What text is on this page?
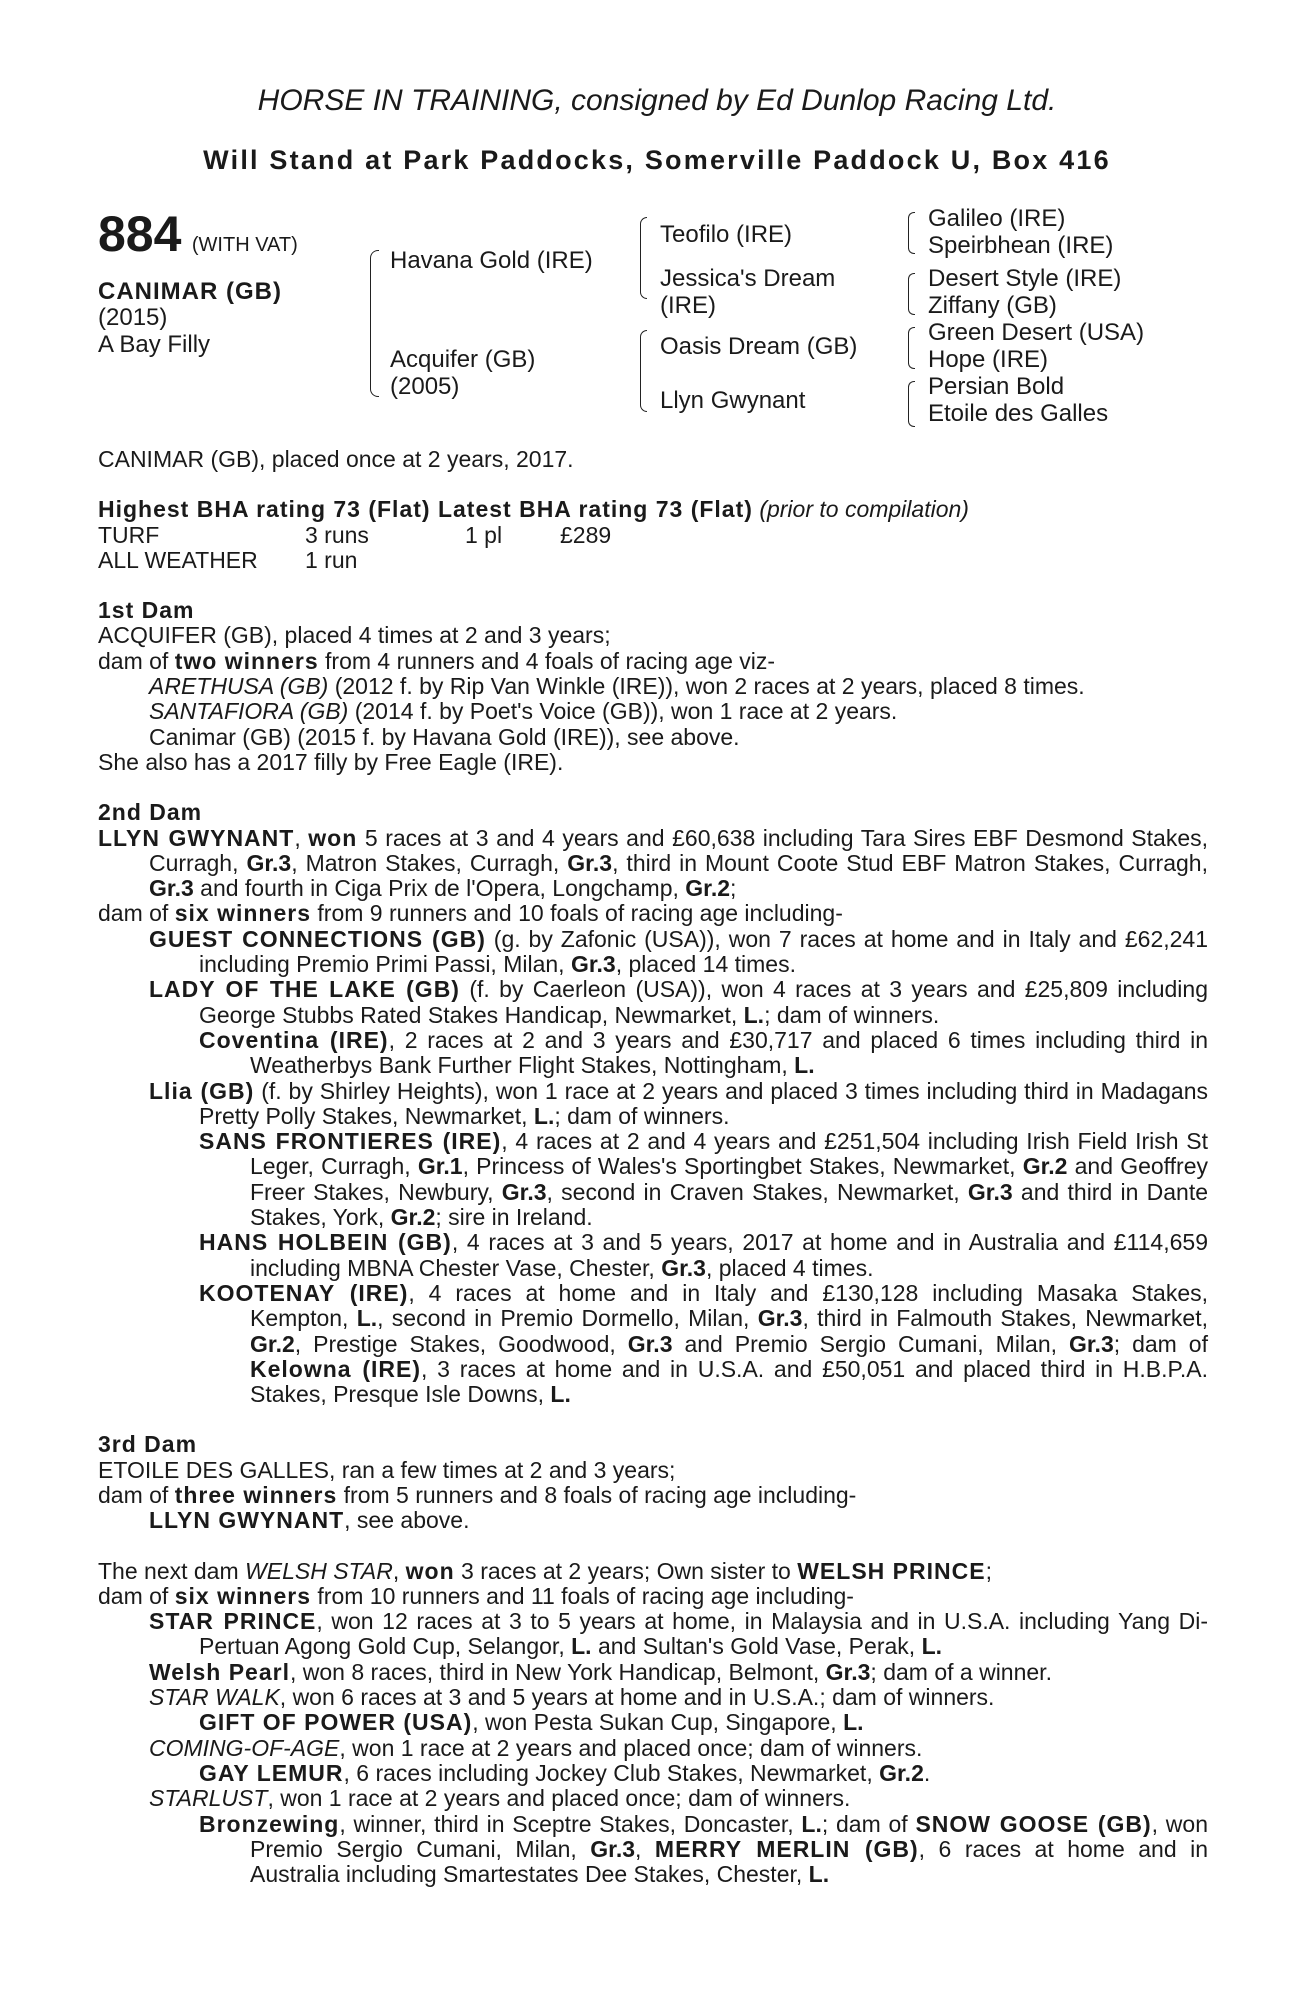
HORSE IN TRAINING, consigned by Ed Dunlop Racing Ltd.
Will Stand at Park Paddocks, Somerville Paddock U, Box 416
884 (WITH VAT)
CANIMAR (GB)
(2015)
A Bay Filly
Havana Gold (IRE)
Acquifer (GB)
(2005)
Teofilo (IRE)
Jessica's Dream
(IRE)
Oasis Dream (GB)
Llyn Gwynant
Galileo (IRE)
Speirbhean (IRE)
Desert Style (IRE)
Ziffany (GB)
Green Desert (USA)
Hope (IRE)
Persian Bold
Etoile des Galles

CANIMAR (GB), placed once at 2 years, 2017.

Highest BHA rating 73 (Flat) Latest BHA rating 73 (Flat) (prior to compilation)

TURF	3 runs	1 pl	£289

ALL WEATHER 1 run

1st Dam

ACQUIFER (GB), placed 4 times at 2 and 3 years;

dam of two winners from 4 runners and 4 foals of racing age viz-

ARETHUSA (GB) (2012 f. by Rip Van Winkle (IRE)), won 2 races at 2 years, placed 8 times.

SANTAFIORA (GB) (2014 f. by Poet's Voice (GB)), won 1 race at 2 years.

Canimar (GB) (2015 f. by Havana Gold (IRE)), see above.

She also has a 2017 filly by Free Eagle (IRE).

2nd Dam

LLYN GWYNANT, won 5 races at 3 and 4 years and £60,638 including Tara Sires EBF Desmond Stakes, Curragh, Gr.3, Matron Stakes, Curragh, Gr.3, third in Mount Coote Stud EBF Matron Stakes, Curragh, Gr.3 and fourth in Ciga Prix de l'Opera, Longchamp, Gr.2;

dam of six winners from 9 runners and 10 foals of racing age including-

GUEST CONNECTIONS (GB) (g. by Zafonic (USA)), won 7 races at home and in Italy and £62,241 including Premio Primi Passi, Milan, Gr.3, placed 14 times.

LADY OF THE LAKE (GB) (f. by Caerleon (USA)), won 4 races at 3 years and £25,809 including George Stubbs Rated Stakes Handicap, Newmarket, L.; dam of winners.

Coventina (IRE), 2 races at 2 and 3 years and £30,717 and placed 6 times including third in Weatherbys Bank Further Flight Stakes, Nottingham, L.

Llia (GB) (f. by Shirley Heights), won 1 race at 2 years and placed 3 times including third in Madagans Pretty Polly Stakes, Newmarket, L.; dam of winners.

SANS FRONTIERES (IRE), 4 races at 2 and 4 years and £251,504 including Irish Field Irish St Leger, Curragh, Gr.1, Princess of Wales's Sportingbet Stakes, Newmarket, Gr.2 and Geoffrey Freer Stakes, Newbury, Gr.3, second in Craven Stakes, Newmarket, Gr.3 and third in Dante Stakes, York, Gr.2; sire in Ireland.

HANS HOLBEIN (GB), 4 races at 3 and 5 years, 2017 at home and in Australia and £114,659 including MBNA Chester Vase, Chester, Gr.3, placed 4 times.

KOOTENAY (IRE), 4 races at home and in Italy and £130,128 including Masaka Stakes, Kempton, L., second in Premio Dormello, Milan, Gr.3, third in Falmouth Stakes, Newmarket, Gr.2, Prestige Stakes, Goodwood, Gr.3 and Premio Sergio Cumani, Milan, Gr.3; dam of Kelowna (IRE), 3 races at home and in U.S.A. and £50,051 and placed third in H.B.P.A. Stakes, Presque Isle Downs, L.

3rd Dam

ETOILE DES GALLES, ran a few times at 2 and 3 years;

dam of three winners from 5 runners and 8 foals of racing age including-

LLYN GWYNANT, see above.

The next dam WELSH STAR, won 3 races at 2 years; Own sister to WELSH PRINCE;

dam of six winners from 10 runners and 11 foals of racing age including-

STAR PRINCE, won 12 races at 3 to 5 years at home, in Malaysia and in U.S.A. including Yang Di-Pertuan Agong Gold Cup, Selangor, L. and Sultan's Gold Vase, Perak, L.

Welsh Pearl, won 8 races, third in New York Handicap, Belmont, Gr.3; dam of a winner.

STAR WALK, won 6 races at 3 and 5 years at home and in U.S.A.; dam of winners.

GIFT OF POWER (USA), won Pesta Sukan Cup, Singapore, L.

COMING-OF-AGE, won 1 race at 2 years and placed once; dam of winners.

GAY LEMUR, 6 races including Jockey Club Stakes, Newmarket, Gr.2.

STARLUST, won 1 race at 2 years and placed once; dam of winners.

Bronzewing, winner, third in Sceptre Stakes, Doncaster, L.; dam of SNOW GOOSE (GB), won Premio Sergio Cumani, Milan, Gr.3, MERRY MERLIN (GB), 6 races at home and in Australia including Smartestates Dee Stakes, Chester, L.
